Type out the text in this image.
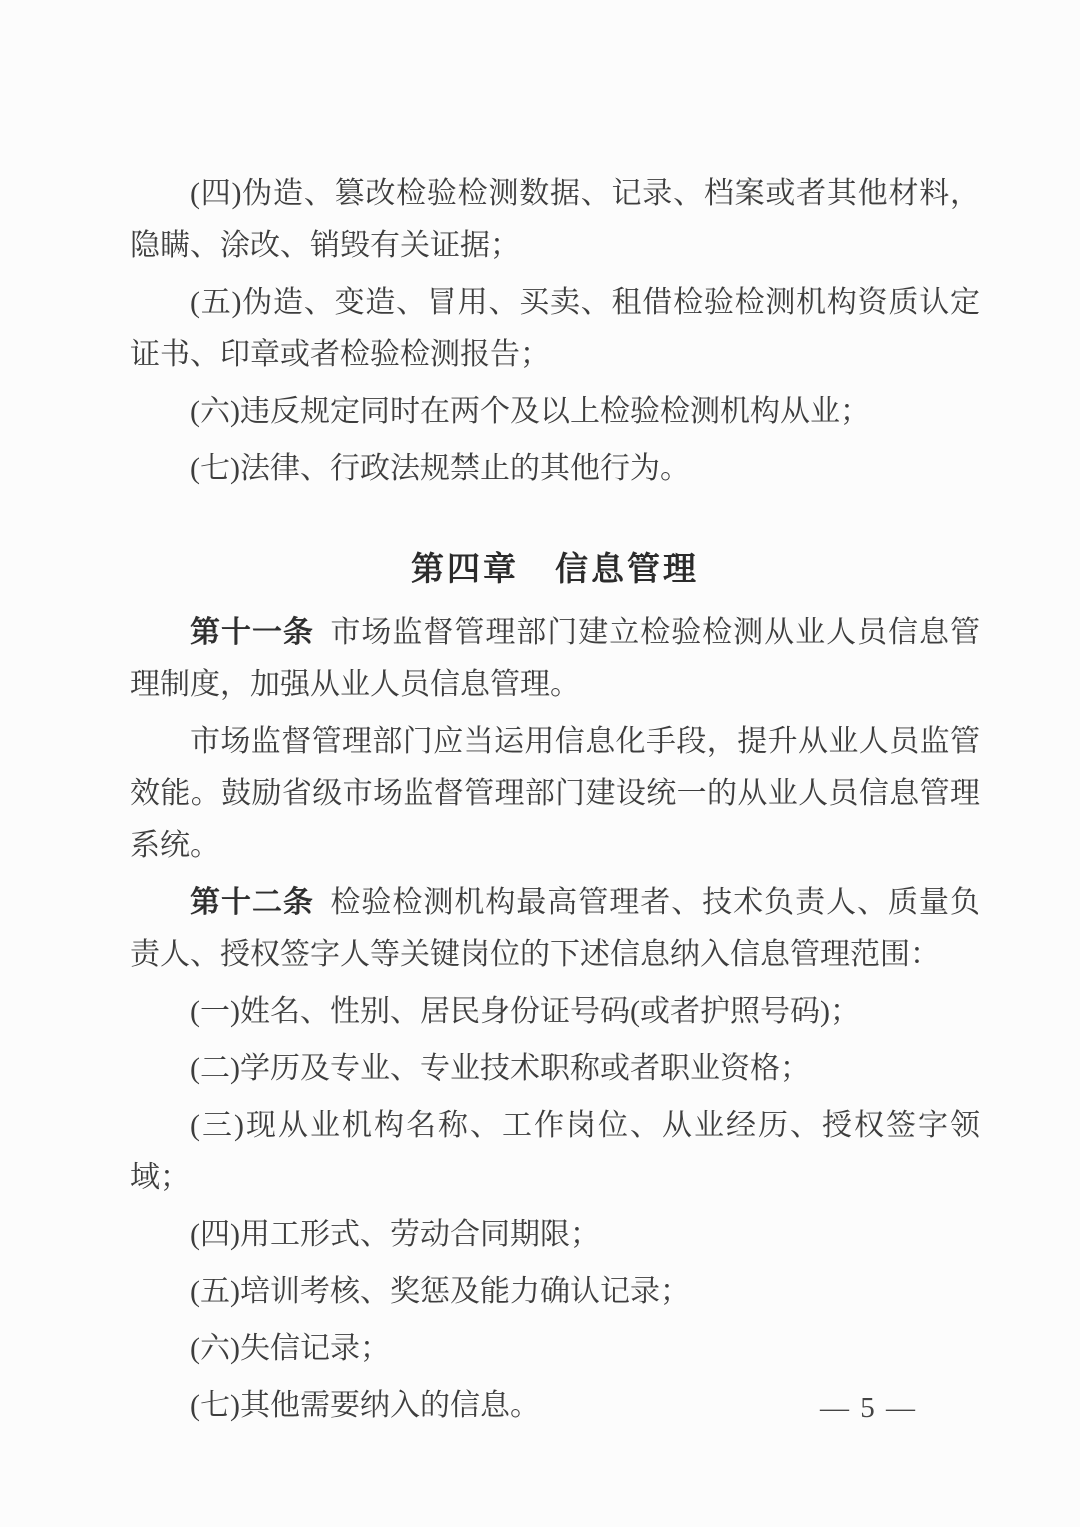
(四)伪造、篡改检验检测数据、记录、档案或者其他材料，隐瞒、涂改、销毁有关证据；

(五)伪造、变造、冒用、买卖、租借检验检测机构资质认定证书、印章或者检验检测报告；

(六)违反规定同时在两个及以上检验检测机构从业；

(七)法律、行政法规禁止的其他行为。

第四章　信息管理

第十一条 市场监督管理部门建立检验检测从业人员信息管理制度，加强从业人员信息管理。

市场监督管理部门应当运用信息化手段，提升从业人员监管效能。鼓励省级市场监督管理部门建设统一的从业人员信息管理系统。

第十二条 检验检测机构最高管理者、技术负责人、质量负责人、授权签字人等关键岗位的下述信息纳入信息管理范围：

(一)姓名、性别、居民身份证号码(或者护照号码)；

(二)学历及专业、专业技术职称或者职业资格；

(三)现从业机构名称、工作岗位、从业经历、授权签字领域；

(四)用工形式、劳动合同期限；

(五)培训考核、奖惩及能力确认记录；

(六)失信记录；

(七)其他需要纳入的信息。	— 5 —
